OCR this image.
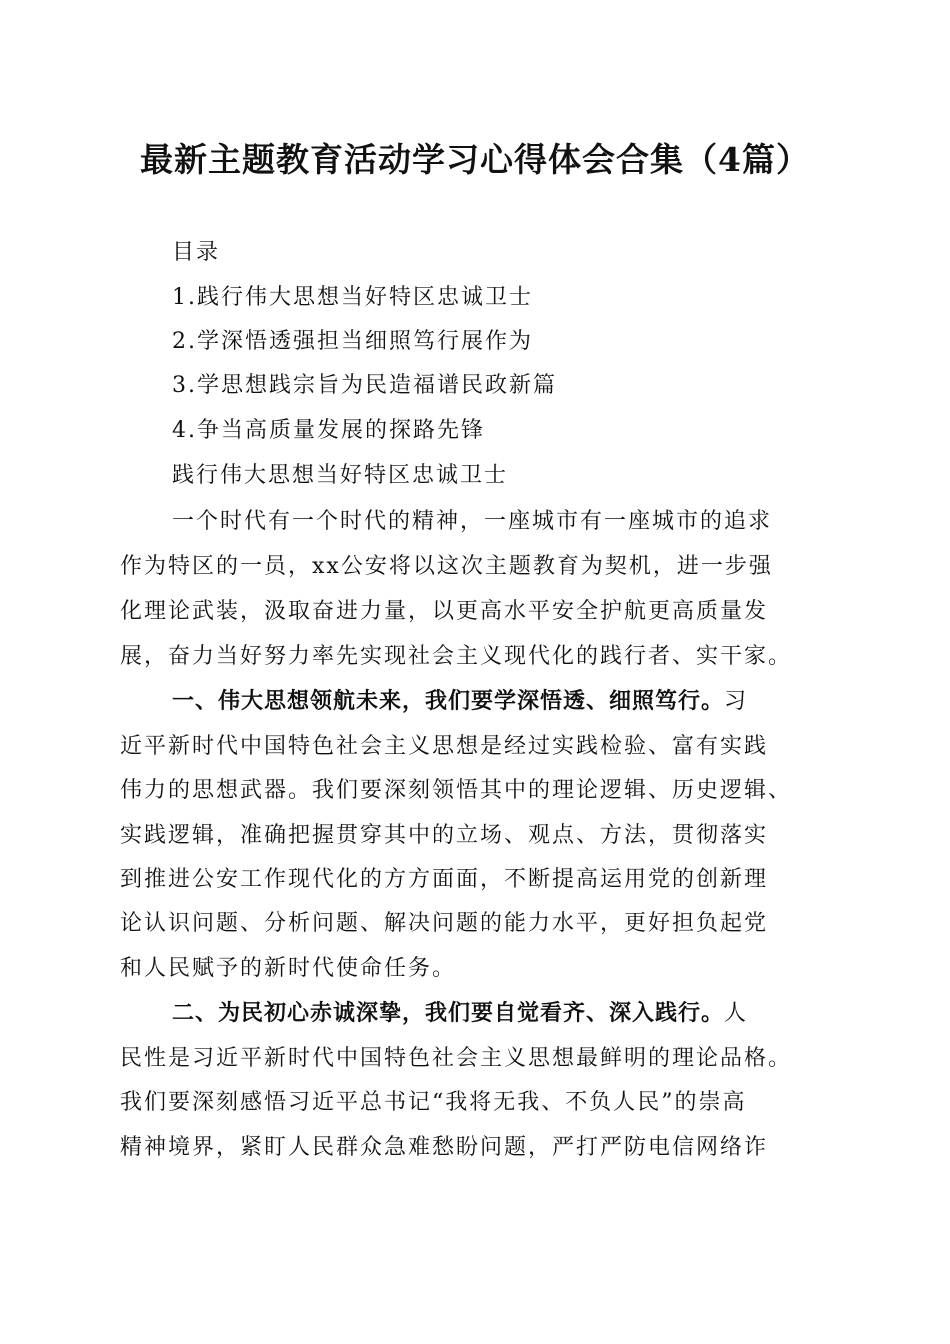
最新主题教育活动学习心得体会合集（4篇）
目录
1.践行伟大思想当好特区忠诚卫士
2.学深悟透强担当细照笃行展作为
3.学思想践宗旨为民造福谱民政新篇
4.争当高质量发展的探路先锋
践行伟大思想当好特区忠诚卫士
一个时代有一个时代的精神，一座城市有一座城市的追求
作为特区的一员，xx公安将以这次主题教育为契机，进一步强
化理论武装，汲取奋进力量，以更高水平安全护航更高质量发
展，奋力当好努力率先实现社会主义现代化的践行者、实干家。
一、伟大思想领航未来，我们要学深悟透、细照笃行。习
近平新时代中国特色社会主义思想是经过实践检验、富有实践
伟力的思想武器。我们要深刻领悟其中的理论逻辑、历史逻辑、
实践逻辑，准确把握贯穿其中的立场、观点、方法，贯彻落实
到推进公安工作现代化的方方面面，不断提高运用党的创新理
论认识问题、分析问题、解决问题的能力水平，更好担负起党
和人民赋予的新时代使命任务。
二、为民初心赤诚深挚，我们要自觉看齐、深入践行。人
民性是习近平新时代中国特色社会主义思想最鲜明的理论品格。
我们要深刻感悟习近平总书记“我将无我、不负人民”的崇高
精神境界，紧盯人民群众急难愁盼问题，严打严防电信网络诈
